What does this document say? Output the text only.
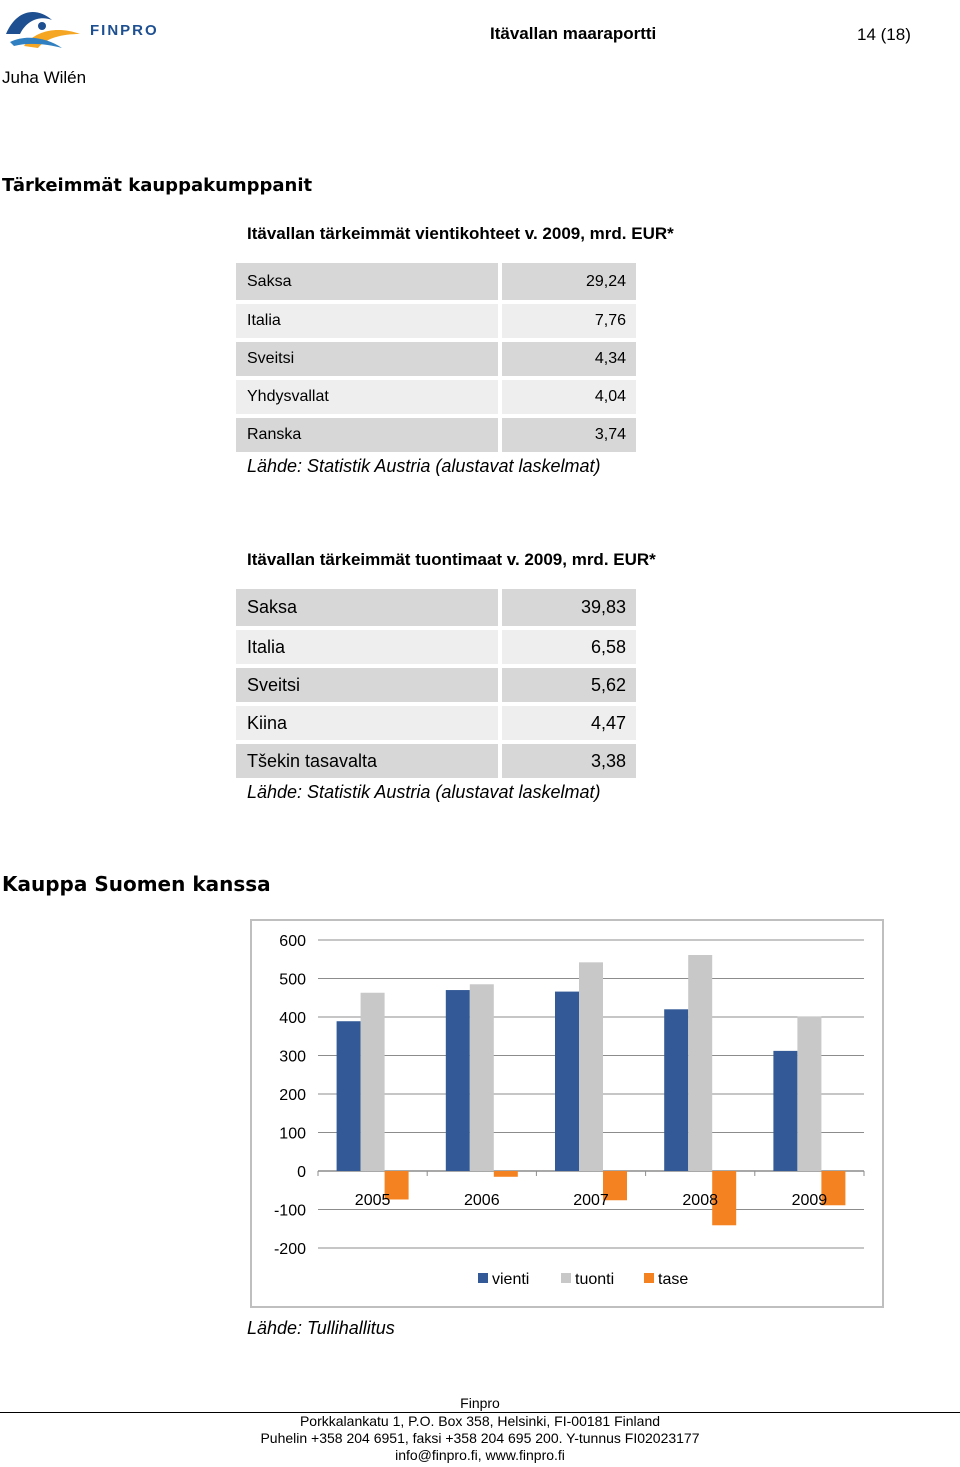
FINPRO	Itävallan maaraportti	14 (18)
Juha Wilén
Tärkeimmät kauppakumppanit
Itävallan tärkeimmät vientikohteet v. 2009, mrd. EUR*
Saksa	29,24
Italia	7,76
Sveitsi	4,34
Yhdysvallat	4,04
Ranska	3,74
Lähde: Statistik Austria (alustavat laskelmat)
Itävallan tärkeimmät tuontimaat v. 2009, mrd. EUR*
Saksa	39,83
Italia	6,58
Sveitsi	5,62
Kiina	4,47
Tšekin tasavalta	3,38
Lähde: Statistik Austria (alustavat laskelmat)
Kauppa Suomen kanssa
600
500
400
300
200
100
0
-100
-200
2005	2006	2007	2008	2009
vienti	tuonti	tase
Lähde: Tullihallitus
Finpro
Porkkalankatu 1, P.O. Box 358, Helsinki, FI-00181 Finland
Puhelin +358 204 6951, faksi +358 204 695 200. Y-tunnus FI02023177
info@finpro.fi, www.finpro.fi
